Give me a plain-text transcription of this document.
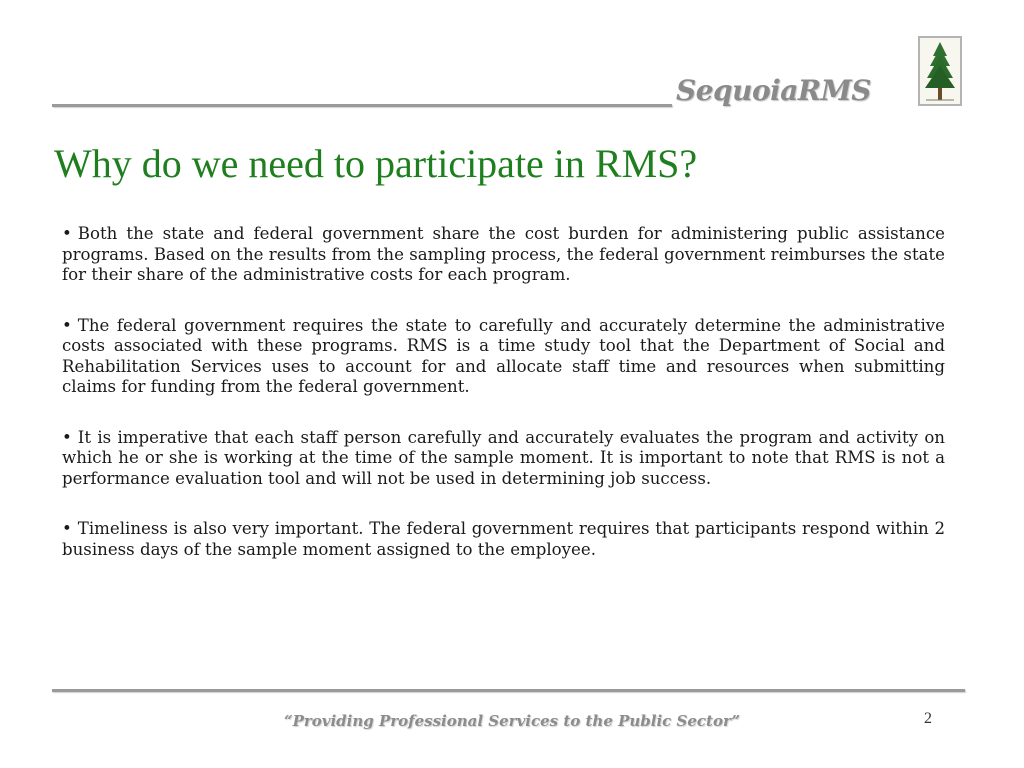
SequoiaRMS
Why do we need to participate in RMS?

• Both the state and federal government share the cost burden for administering public assistance programs. Based on the results from the sampling process, the federal government reimburses the state for their share of the administrative costs for each program.

• The federal government requires the state to carefully and accurately determine the administrative costs associated with these programs. RMS is a time study tool that the Department of Social and Rehabilitation Services uses to account for and allocate staff time and resources when submitting claims for funding from the federal government.

• It is imperative that each staff person carefully and accurately evaluates the program and activity on which he or she is working at the time of the sample moment. It is important to note that RMS is not a performance evaluation tool and will not be used in determining job success.

• Timeliness is also very important. The federal government requires that participants respond within 2 business days of the sample moment assigned to the employee.

“Providing Professional Services to the Public Sector”	2
